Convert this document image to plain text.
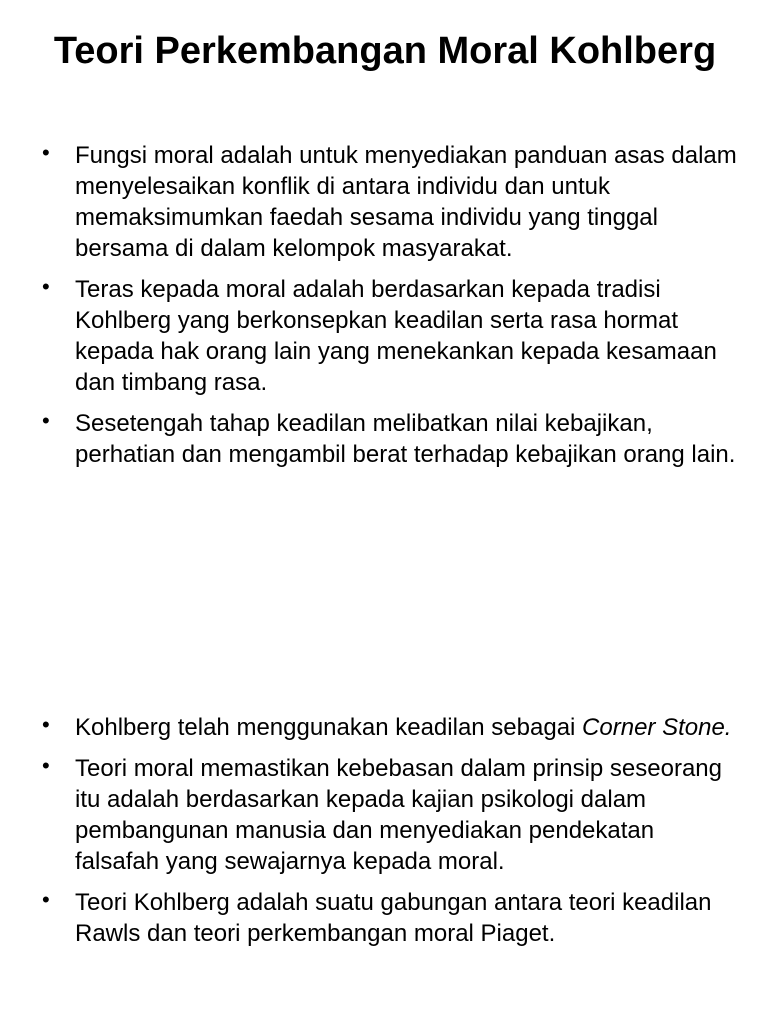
Teori Perkembangan Moral Kohlberg
•	Fungsi moral adalah untuk menyediakan panduan asas dalam menyelesaikan konflik di antara individu dan untuk memaksimumkan faedah sesama individu yang tinggal bersama di dalam kelompok masyarakat.
•	Teras kepada moral adalah berdasarkan kepada tradisi Kohlberg yang berkonsepkan keadilan serta rasa hormat kepada hak orang lain yang menekankan kepada kesamaan dan timbang rasa.
•	Sesetengah tahap keadilan melibatkan nilai kebajikan, perhatian dan mengambil berat terhadap kebajikan orang lain.
•	Kohlberg telah menggunakan keadilan sebagai Corner Stone.
•	Teori moral memastikan kebebasan dalam prinsip seseorang itu adalah berdasarkan kepada kajian psikologi dalam pembangunan manusia dan menyediakan pendekatan falsafah yang sewajarnya kepada moral.
•	Teori Kohlberg adalah suatu gabungan antara teori keadilan Rawls dan teori perkembangan moral Piaget.
